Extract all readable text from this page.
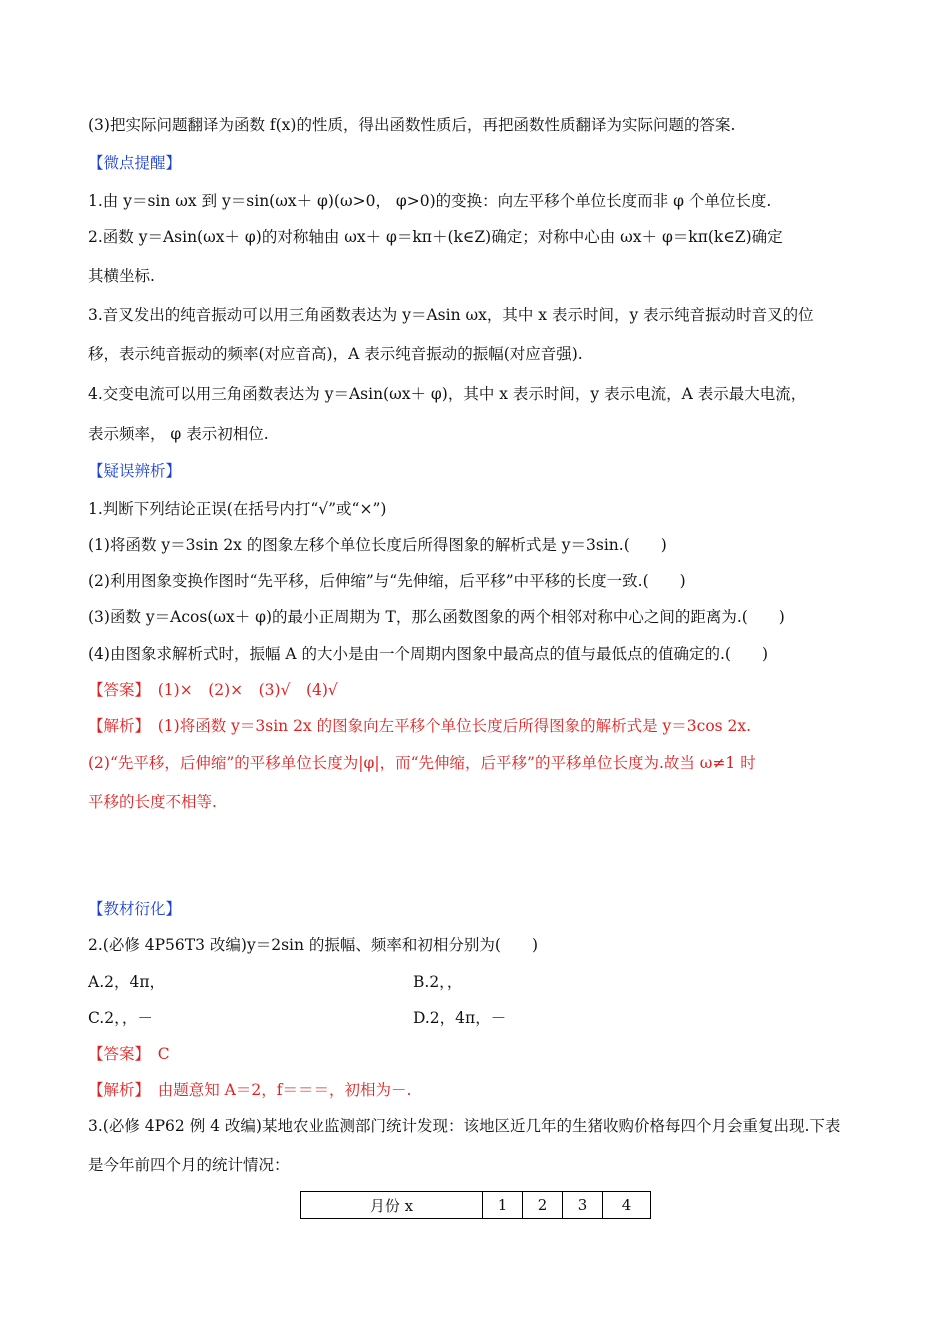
(3)把实际问题翻译为函数 f(x)的性质，得出函数性质后，再把函数性质翻译为实际问题的答案.
【微点提醒】
1.由 y＝sin ωx 到 y＝sin(ωx＋ φ)(ω>0， φ>0)的变换：向左平移个单位长度而非 φ 个单位长度.
2.函数 y＝Asin(ωx＋ φ)的对称轴由 ωx＋ φ＝kπ＋(k∈Z)确定；对称中心由 ωx＋ φ＝kπ(k∈Z)确定
其横坐标.
3.音叉发出的纯音振动可以用三角函数表达为 y＝Asin ωx，其中 x 表示时间，y 表示纯音振动时音叉的位
移，表示纯音振动的频率(对应音高)，A 表示纯音振动的振幅(对应音强).
4.交变电流可以用三角函数表达为 y＝Asin(ωx＋ φ)，其中 x 表示时间，y 表示电流，A 表示最大电流，
表示频率， φ 表示初相位.
【疑误辨析】
1.判断下列结论正误(在括号内打“√”或“×”)
(1)将函数 y＝3sin 2x 的图象左移个单位长度后所得图象的解析式是 y＝3sin.(　　)
(2)利用图象变换作图时“先平移，后伸缩”与“先伸缩，后平移”中平移的长度一致.(　　)
(3)函数 y＝Acos(ωx＋ φ)的最小正周期为 T，那么函数图象的两个相邻对称中心之间的距离为.(　　)
(4)由图象求解析式时，振幅 A 的大小是由一个周期内图象中最高点的值与最低点的值确定的.(　　)
【答案】　(1)×　(2)×　(3)√　(4)√
【解析】　(1)将函数 y＝3sin 2x 的图象向左平移个单位长度后所得图象的解析式是 y＝3cos 2x.
(2)“先平移，后伸缩”的平移单位长度为|φ|，而“先伸缩，后平移”的平移单位长度为.故当 ω≠1 时
平移的长度不相等.
【教材衍化】
2.(必修 4P56T3 改编)y＝2sin 的振幅、频率和初相分别为(　　)
A.2，4π，	B.2，，
C.2，，－	D.2，4π，－
【答案】　C
【解析】　由题意知 A＝2，f＝＝＝，初相为－.
3.(必修 4P62 例 4 改编)某地农业监测部门统计发现：该地区近几年的生猪收购价格每四个月会重复出现.下表
是今年前四个月的统计情况：
月份 x	1	2	3	4
